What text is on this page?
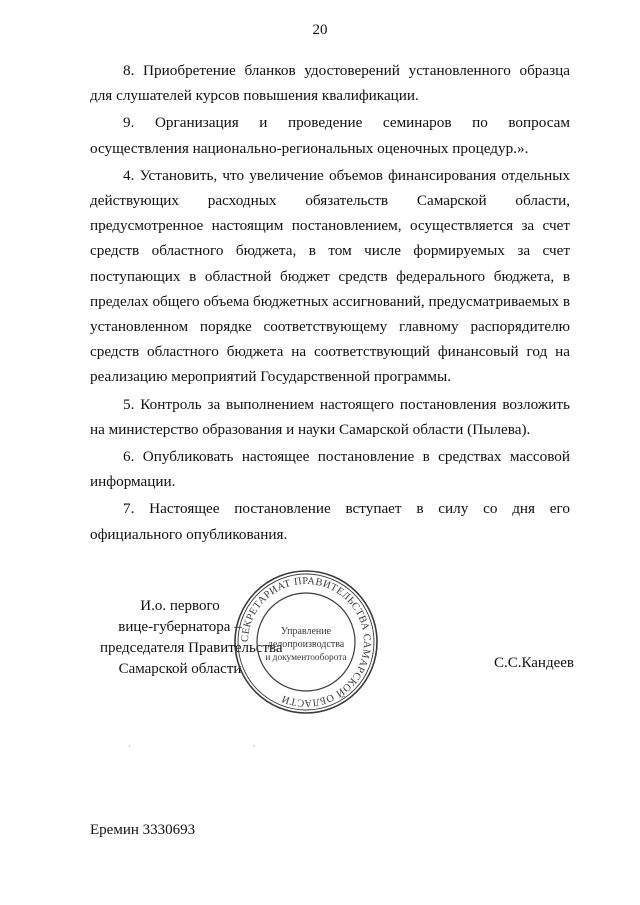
20

8. Приобретение бланков удостоверений установленного образца для слушателей курсов повышения квалификации.

9. Организация и проведение семинаров по вопросам осуществления национально-региональных оценочных процедур.».

4. Установить, что увеличение объемов финансирования отдельных действующих расходных обязательств Самарской области, предусмотренное настоящим постановлением, осуществляется за счет средств областного бюджета, в том числе формируемых за счет поступающих в областной бюджет средств федерального бюджета, в пределах общего объема бюджетных ассигнований, предусматриваемых в установленном порядке соответствующему главному распорядителю средств областного бюджета на соответствующий финансовый год на реализацию мероприятий Государственной программы.

5. Контроль за выполнением настоящего постановления возложить на министерство образования и науки Самарской области (Пылева).

6. Опубликовать настоящее постановление в средствах массовой информации.

7. Настоящее постановление вступает в силу со дня его официального опубликования.

И.о. первого
вице-губернатора –
председателя Правительства
Самарской области
СЕКРЕТАРИАТ ПРАВИТЕЛЬСТВА САМАРСКОЙ ОБЛАСТИ
Управление
делопроизводства
и документооборота	С.С.Кандеев
· ·
Еремин 3330693
